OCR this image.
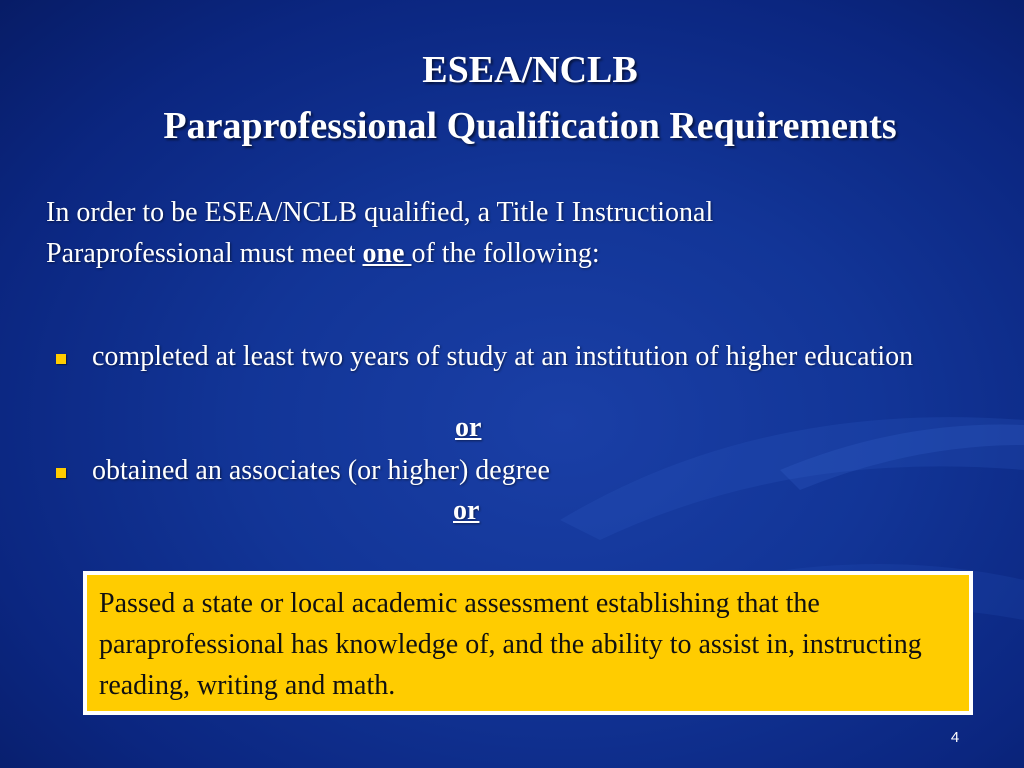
ESEA/NCLB
Paraprofessional Qualification Requirements
In order to be ESEA/NCLB qualified, a Title I Instructional
Paraprofessional must meet one of the following:
completed at least two years of study at an institution of higher education
or
obtained an associates (or higher) degree
or
Passed a state or local academic assessment establishing that the paraprofessional has knowledge of, and the ability to assist in, instructing reading, writing and math.
4
